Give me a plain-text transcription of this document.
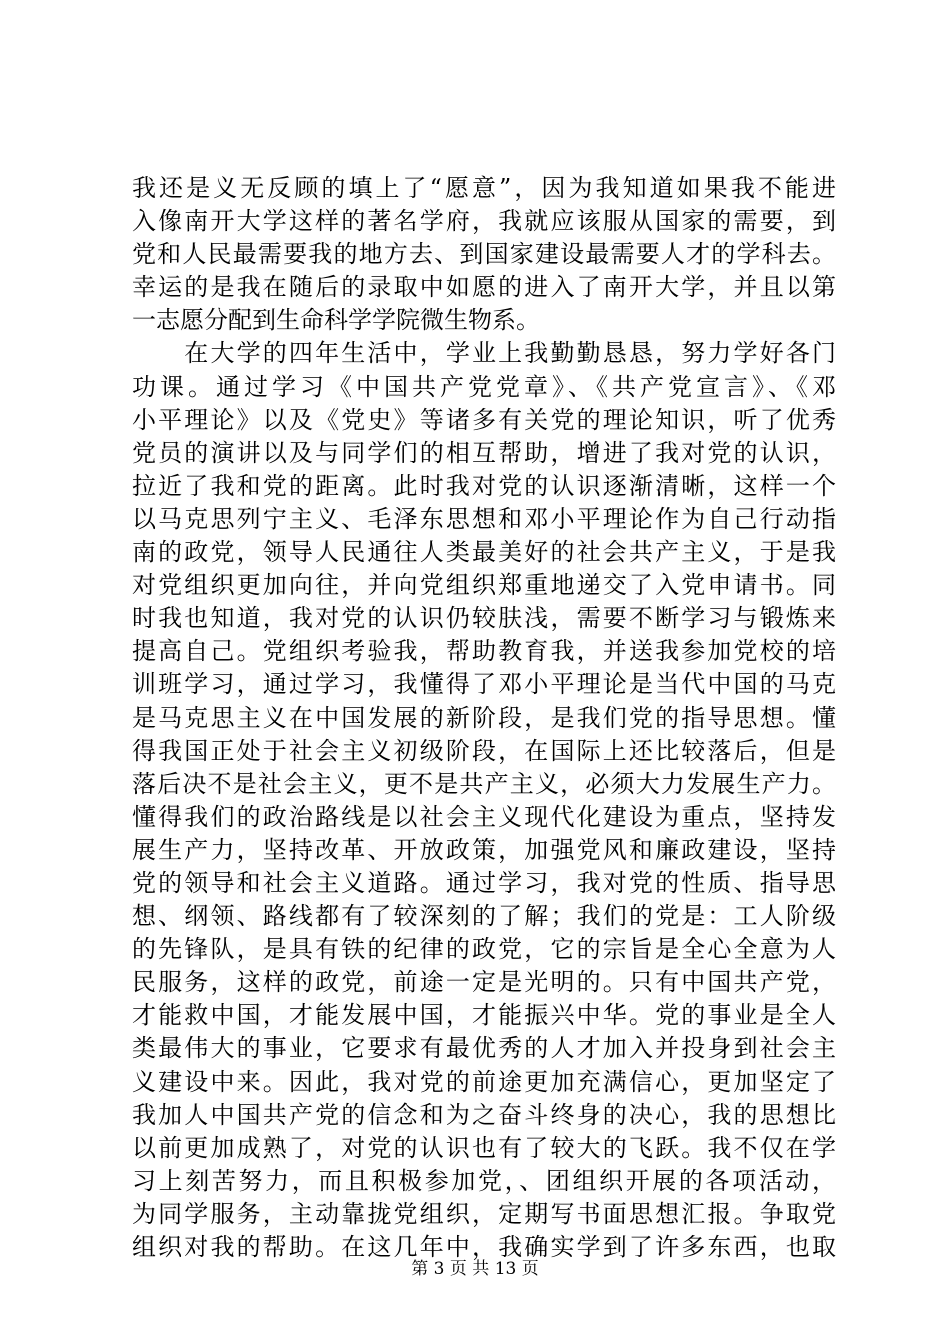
我还是义无反顾的填上了“愿意”，因为我知道如果我不能进
入像南开大学这样的著名学府，我就应该服从国家的需要，到
党和人民最需要我的地方去、到国家建设最需要人才的学科去。
幸运的是我在随后的录取中如愿的进入了南开大学，并且以第
一志愿分配到生命科学学院微生物系。
　　在大学的四年生活中，学业上我勤勤恳恳，努力学好各门
功课。通过学习《中国共产党党章》、《共产党宣言》、《邓
小平理论》以及《党史》等诸多有关党的理论知识，听了优秀
党员的演讲以及与同学们的相互帮助，增进了我对党的认识，
拉近了我和党的距离。此时我对党的认识逐渐清晰，这样一个
以马克思列宁主义、毛泽东思想和邓小平理论作为自己行动指
南的政党，领导人民通往人类最美好的社会共产主义，于是我
对党组织更加向往，并向党组织郑重地递交了入党申请书。同
时我也知道，我对党的认识仍较肤浅，需要不断学习与锻炼来
提高自己。党组织考验我，帮助教育我，并送我参加党校的培
训班学习，通过学习，我懂得了邓小平理论是当代中国的马克
是马克思主义在中国发展的新阶段，是我们党的指导思想。懂
得我国正处于社会主义初级阶段，在国际上还比较落后，但是
落后决不是社会主义，更不是共产主义，必须大力发展生产力。
懂得我们的政治路线是以社会主义现代化建设为重点，坚持发
展生产力，坚持改革、开放政策，加强党风和廉政建设，坚持
党的领导和社会主义道路。通过学习，我对党的性质、指导思
想、纲领、路线都有了较深刻的了解；我们的党是：工人阶级
的先锋队，是具有铁的纪律的政党，它的宗旨是全心全意为人
民服务，这样的政党，前途一定是光明的。只有中国共产党，
才能救中国，才能发展中国，才能振兴中华。党的事业是全人
类最伟大的事业，它要求有最优秀的人才加入并投身到社会主
义建设中来。因此，我对党的前途更加充满信心，更加坚定了
我加人中国共产党的信念和为之奋斗终身的决心，我的思想比
以前更加成熟了，对党的认识也有了较大的飞跃。我不仅在学
习上刻苦努力，而且积极参加党，、团组织开展的各项活动，
为同学服务，主动靠拢党组织，定期写书面思想汇报。争取党
组织对我的帮助。在这几年中，我确实学到了许多东西，也取
第 3 页 共 13 页
